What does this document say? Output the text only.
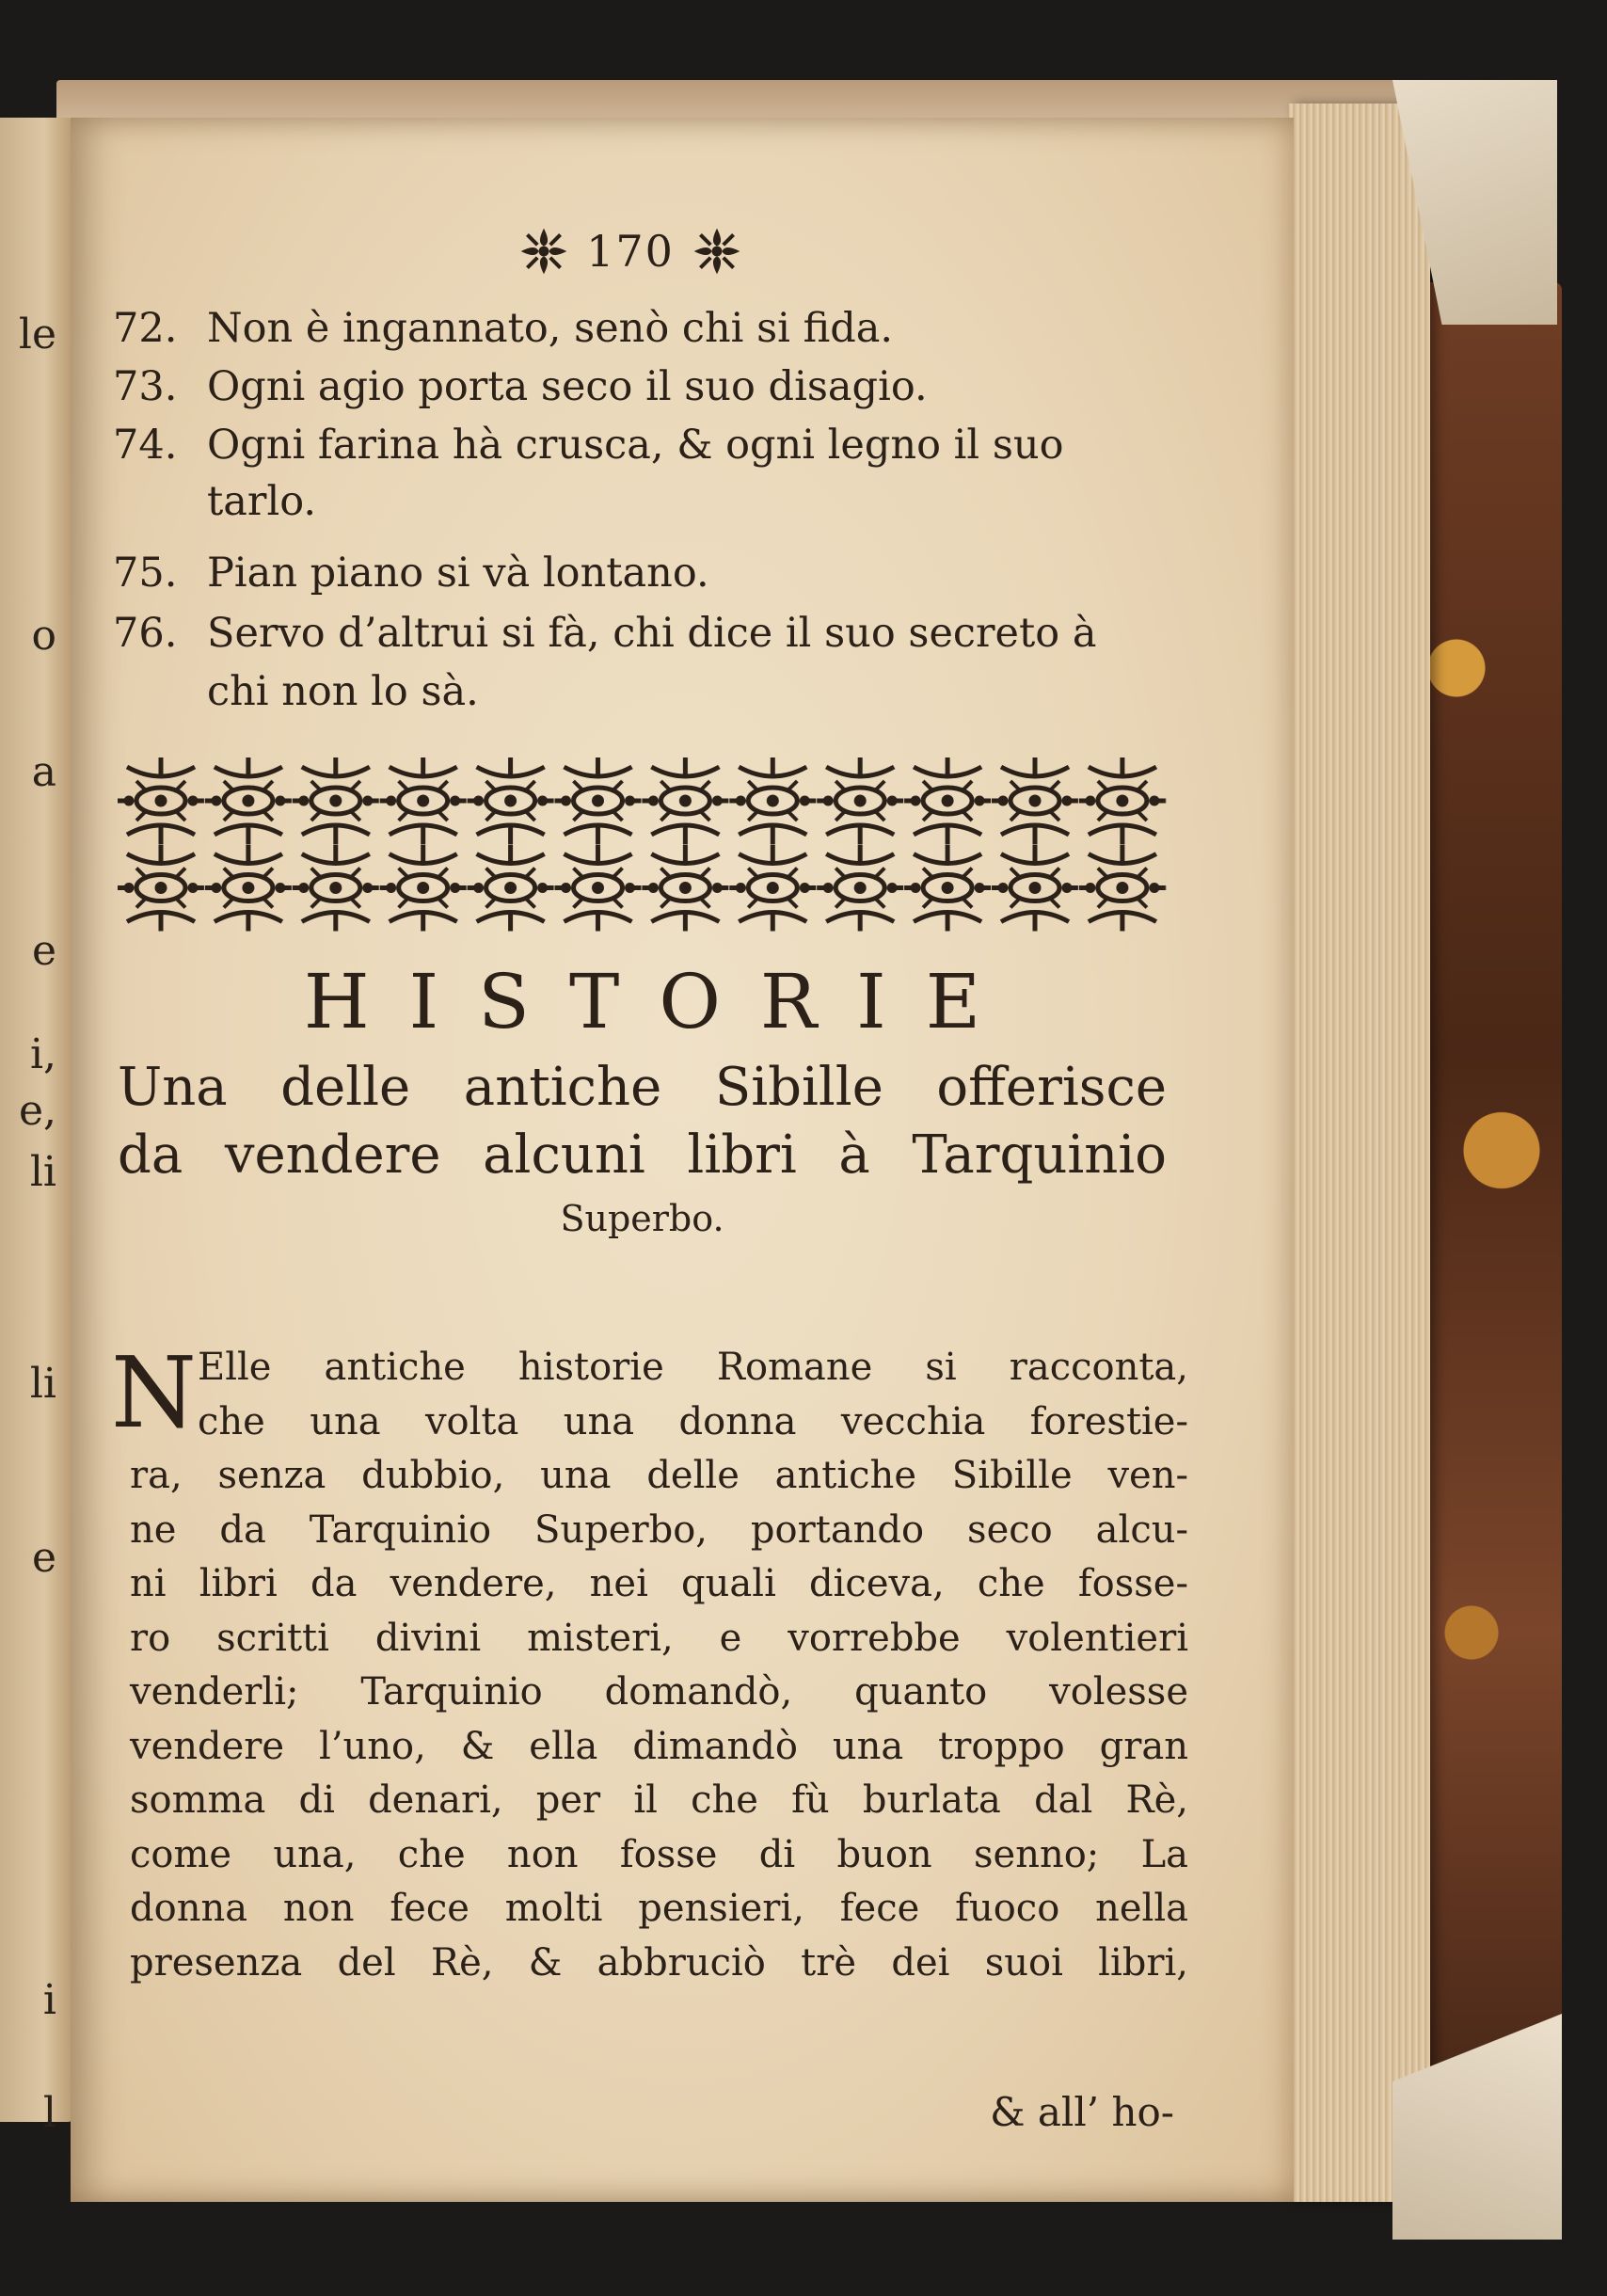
le
o
a
e
i,
e,
li
li
e
i
l
170
72. Non è ingannato, senò chi si fida.
73. Ogni agio porta seco il suo disagio.
74. Ogni farina hà crusca, & ogni legno il suo
tarlo.
75. Pian piano si và lontano.
76. Servo d’altrui si fà, chi dice il suo secreto à
chi non lo sà.
HISTORIE
Una delle antiche Sibille offerisce
da vendere alcuni libri à Tarquinio
Superbo.
N Elle antiche historie Romane si racconta,
che una volta una donna vecchia forestie-
ra, senza dubbio, una delle antiche Sibille ven-
ne da Tarquinio Superbo, portando seco alcu-
ni libri da vendere, nei quali diceva, che fosse-
ro scritti divini misteri, e vorrebbe volentieri
venderli; Tarquinio domandò, quanto volesse
vendere l’uno, & ella dimandò una troppo gran
somma di denari, per il che fù burlata dal Rè,
come una, che non fosse di buon senno; La
donna non fece molti pensieri, fece fuoco nella
presenza del Rè, & abbruciò trè dei suoi libri,
& all’ ho-
